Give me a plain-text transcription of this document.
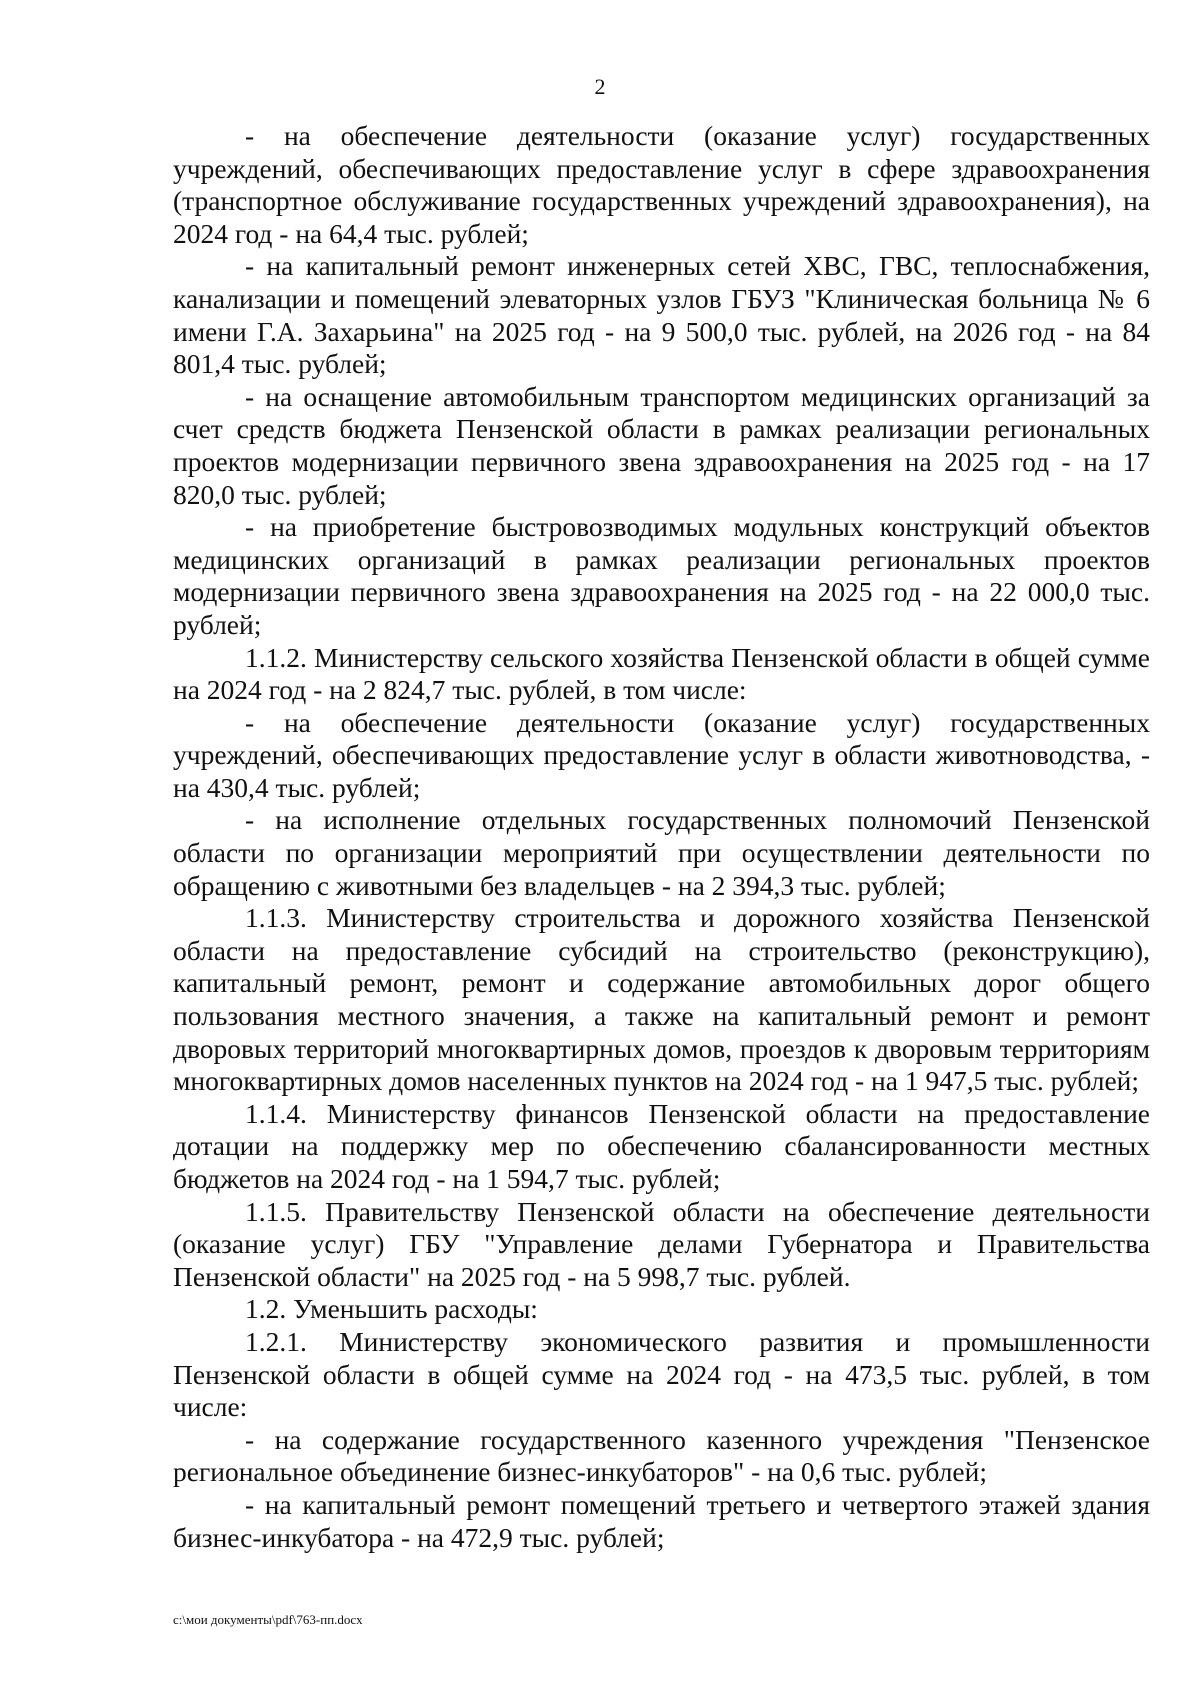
2

- на обеспечение деятельности (оказание услуг) государственных учреждений, обеспечивающих предоставление услуг в сфере здравоохранения (транспортное обслуживание государственных учреждений здравоохранения), на 2024 год - на 64,4 тыс. рублей;

- на капитальный ремонт инженерных сетей ХВС, ГВС, теплоснабжения, канализации и помещений элеваторных узлов ГБУЗ "Клиническая больница № 6 имени Г.А. Захарьина" на 2025 год - на 9 500,0 тыс. рублей, на 2026 год - на 84 801,4 тыс. рублей;

- на оснащение автомобильным транспортом медицинских организаций за счет средств бюджета Пензенской области в рамках реализации региональных проектов модернизации первичного звена здравоохранения на 2025 год - на 17 820,0 тыс. рублей;

- на приобретение быстровозводимых модульных конструкций объектов медицинских организаций в рамках реализации региональных проектов модернизации первичного звена здравоохранения на 2025 год - на 22 000,0 тыс. рублей;

1.1.2. Министерству сельского хозяйства Пензенской области в общей сумме на 2024 год - на 2 824,7 тыс. рублей, в том числе:

- на обеспечение деятельности (оказание услуг) государственных учреждений, обеспечивающих предоставление услуг в области животноводства, - на 430,4 тыс. рублей;

- на исполнение отдельных государственных полномочий Пензенской области по организации мероприятий при осуществлении деятельности по обращению с животными без владельцев - на 2 394,3 тыс. рублей;

1.1.3. Министерству строительства и дорожного хозяйства Пензенской области на предоставление субсидий на строительство (реконструкцию), капитальный ремонт, ремонт и содержание автомобильных дорог общего пользования местного значения, а также на капитальный ремонт и ремонт дворовых территорий многоквартирных домов, проездов к дворовым территориям многоквартирных домов населенных пунктов на 2024 год - на 1 947,5 тыс. рублей;

1.1.4. Министерству финансов Пензенской области на предоставление дотации на поддержку мер по обеспечению сбалансированности местных бюджетов на 2024 год - на 1 594,7 тыс. рублей;

1.1.5. Правительству Пензенской области на обеспечение деятельности (оказание услуг) ГБУ "Управление делами Губернатора и Правительства Пензенской области" на 2025 год - на 5 998,7 тыс. рублей.

1.2. Уменьшить расходы:

1.2.1. Министерству экономического развития и промышленности Пензенской области в общей сумме на 2024 год - на 473,5 тыс. рублей, в том числе:

- на содержание государственного казенного учреждения "Пензенское региональное объединение бизнес-инкубаторов" - на 0,6 тыс. рублей;

- на капитальный ремонт помещений третьего и четвертого этажей здания бизнес-инкубатора - на 472,9 тыс. рублей;

c:\мои документы\pdf\763-пп.docx
